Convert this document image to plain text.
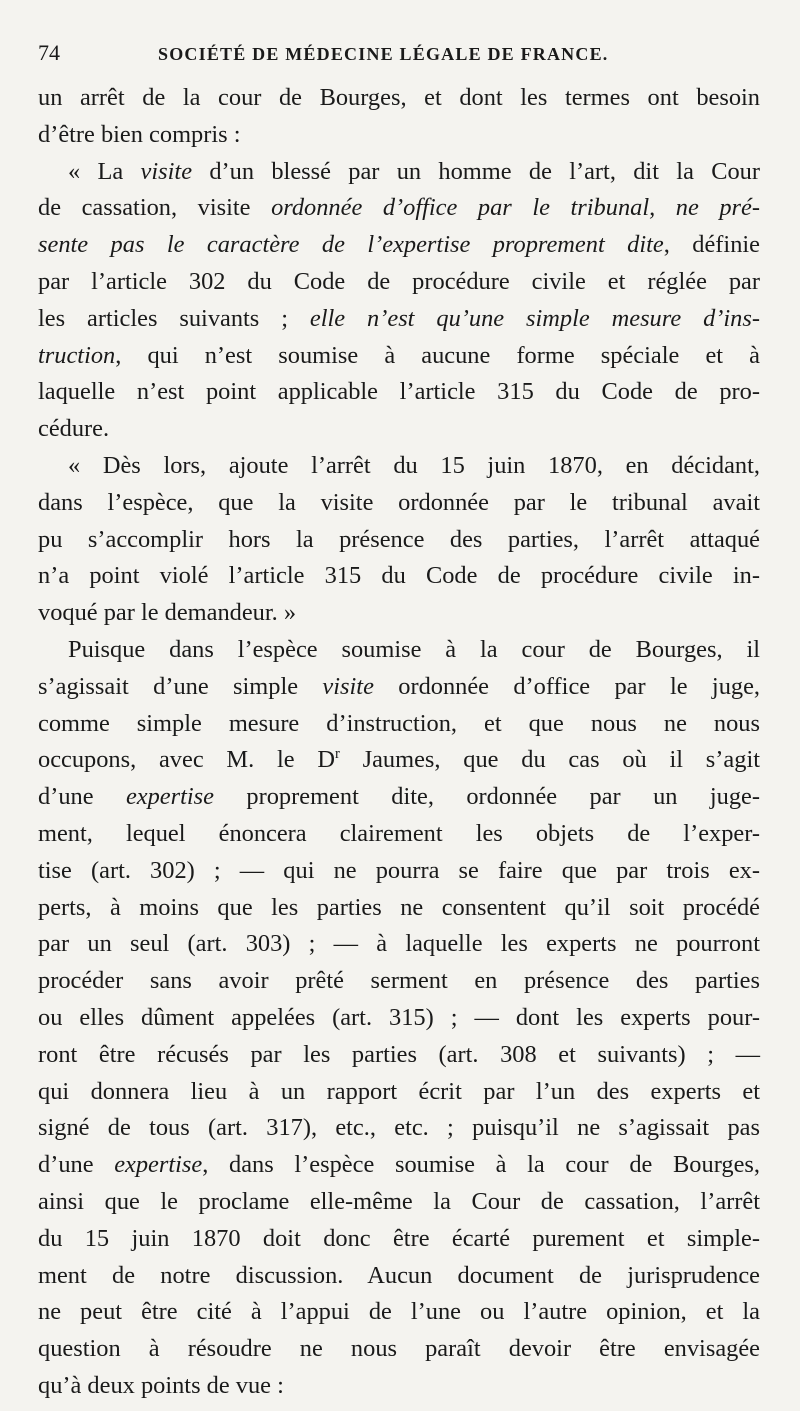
74	SOCIÉTÉ DE MÉDECINE LÉGALE DE FRANCE.
un arrêt de la cour de Bourges, et dont les termes ont besoin
d’être bien compris :
« La visite d’un blessé par un homme de l’art, dit la Cour
de cassation, visite ordonnée d’office par le tribunal, ne pré-
sente pas le caractère de l’expertise proprement dite, définie
par l’article 302 du Code de procédure civile et réglée par
les articles suivants ; elle n’est qu’une simple mesure d’ins-
truction, qui n’est soumise à aucune forme spéciale et à
laquelle n’est point applicable l’article 315 du Code de pro-
cédure.
« Dès lors, ajoute l’arrêt du 15 juin 1870, en décidant,
dans l’espèce, que la visite ordonnée par le tribunal avait
pu s’accomplir hors la présence des parties, l’arrêt attaqué
n’a point violé l’article 315 du Code de procédure civile in-
voqué par le demandeur. »
Puisque dans l’espèce soumise à la cour de Bourges, il
s’agissait d’une simple visite ordonnée d’office par le juge,
comme simple mesure d’instruction, et que nous ne nous
occupons, avec M. le $D^r$ Jaumes, que du cas où il s’agit
d’une expertise proprement dite, ordonnée par un juge-
ment, lequel énoncera clairement les objets de l’exper-
tise (art. 302) ; — qui ne pourra se faire que par trois ex-
perts, à moins que les parties ne consentent qu’il soit procédé
par un seul (art. 303) ; — à laquelle les experts ne pourront
procéder sans avoir prêté serment en présence des parties
ou elles dûment appelées (art. 315) ; — dont les experts pour-
ront être récusés par les parties (art. 308 et suivants) ; —
qui donnera lieu à un rapport écrit par l’un des experts et
signé de tous (art. 317), etc., etc. ; puisqu’il ne s’agissait pas
d’une expertise, dans l’espèce soumise à la cour de Bourges,
ainsi que le proclame elle-même la Cour de cassation, l’arrêt
du 15 juin 1870 doit donc être écarté purement et simple-
ment de notre discussion. Aucun document de jurisprudence
ne peut être cité à l’appui de l’une ou l’autre opinion, et la
question à résoudre ne nous paraît devoir être envisagée
qu’à deux points de vue :
